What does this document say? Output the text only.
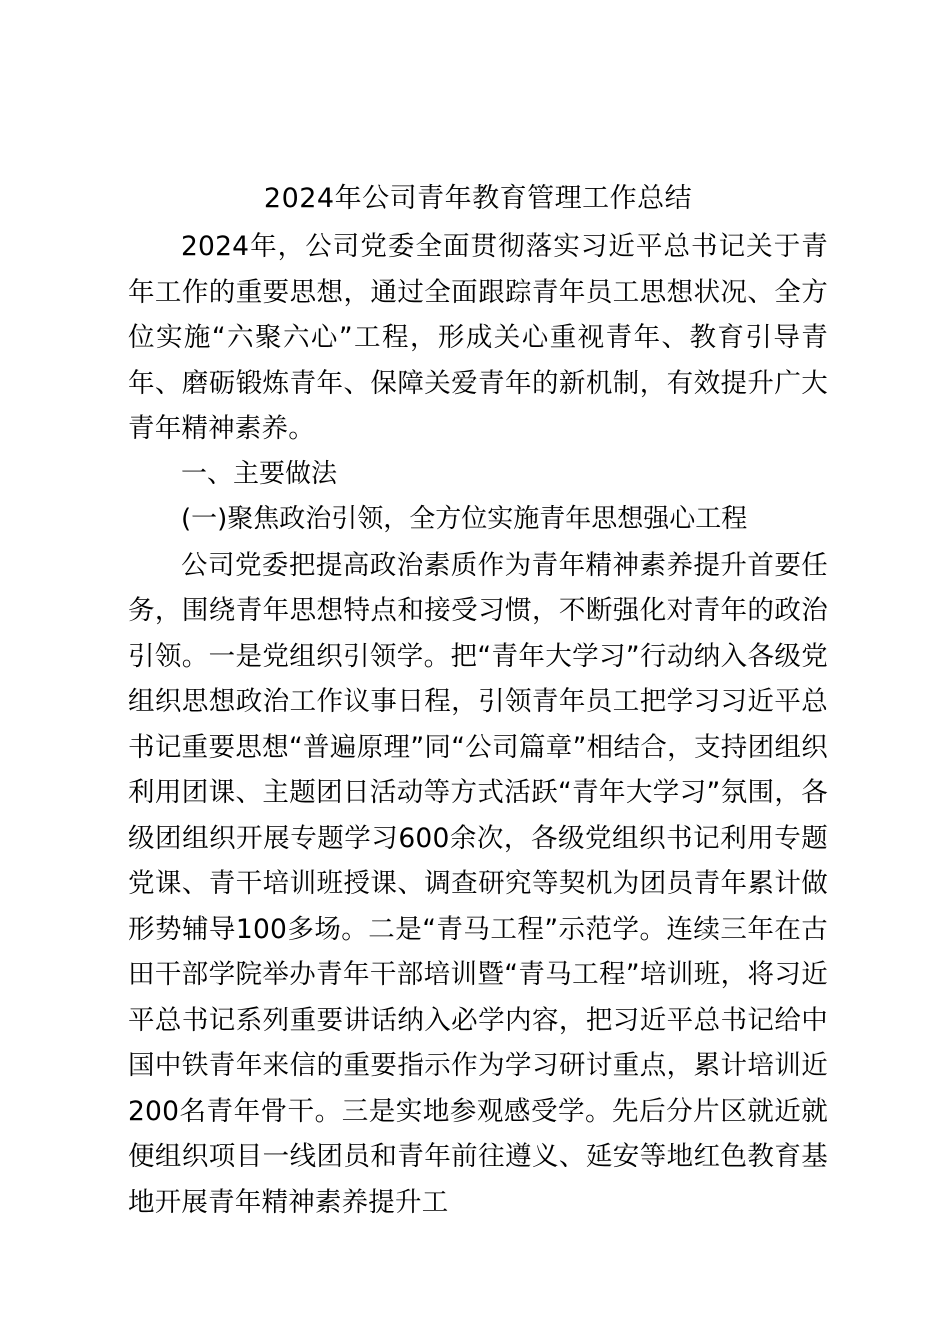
2024年公司青年教育管理工作总结

2024年，公司党委全面贯彻落实习近平总书记关于青年工作的重要思想，通过全面跟踪青年员工思想状况、全方位实施“六聚六心”工程，形成关心重视青年、教育引导青年、磨砺锻炼青年、保障关爱青年的新机制，有效提升广大青年精神素养。

一、主要做法

(一)聚焦政治引领，全方位实施青年思想强心工程

公司党委把提高政治素质作为青年精神素养提升首要任务，围绕青年思想特点和接受习惯，不断强化对青年的政治引领。一是党组织引领学。把“青年大学习”行动纳入各级党组织思想政治工作议事日程，引领青年员工把学习习近平总书记重要思想“普遍原理”同“公司篇章”相结合，支持团组织利用团课、主题团日活动等方式活跃“青年大学习”氛围，各级团组织开展专题学习600余次，各级党组织书记利用专题党课、青干培训班授课、调查研究等契机为团员青年累计做形势辅导100多场。二是“青马工程”示范学。连续三年在古田干部学院举办青年干部培训暨“青马工程”培训班，将习近平总书记系列重要讲话纳入必学内容，把习近平总书记给中国中铁青年来信的重要指示作为学习研讨重点，累计培训近200名青年骨干。三是实地参观感受学。先后分片区就近就便组织项目一线团员和青年前往遵义、延安等地红色教育基地开展青年精神素养提升工
